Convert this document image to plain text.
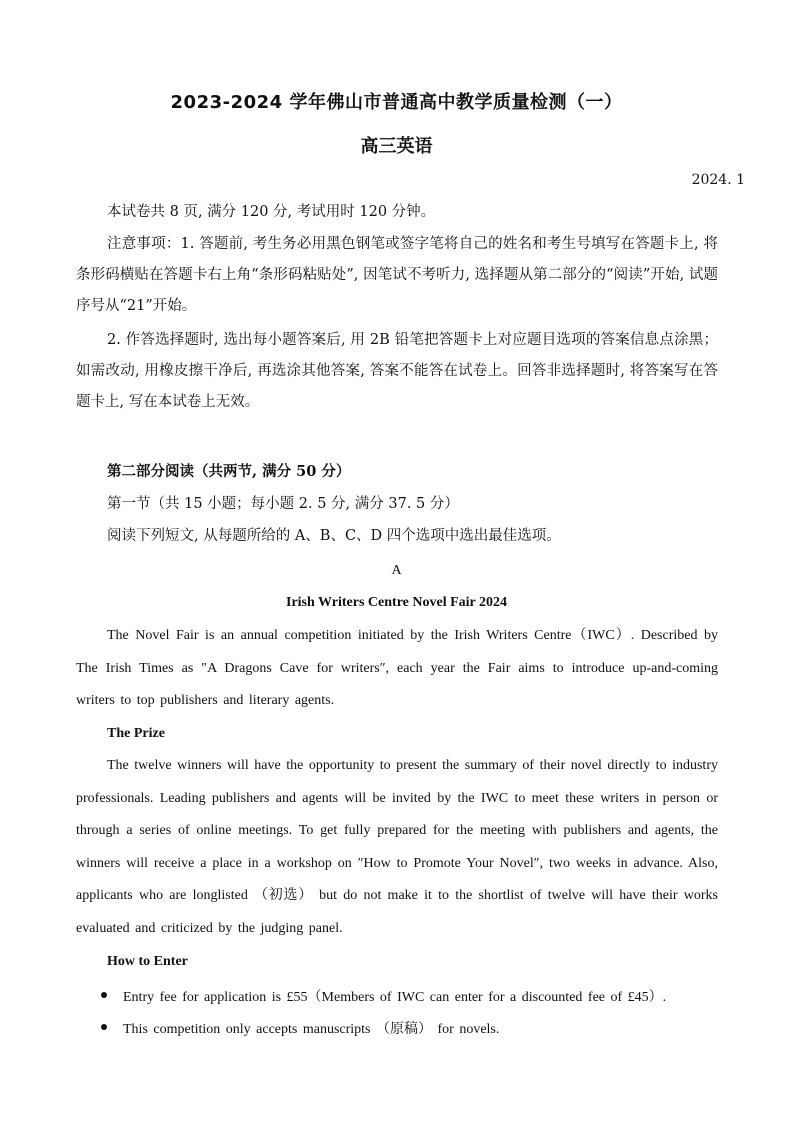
2023-2024 学年佛山市普通高中教学质量检测（一）
高三英语
2024. 1
本试卷共 8 页, 满分 120 分, 考试用时 120 分钟。
注意事项：1. 答题前, 考生务必用黑色钢笔或签字笔将自己的姓名和考生号填写在答题卡上, 将条形码横贴在答题卡右上角“条形码粘贴处”, 因笔试不考听力, 选择题从第二部分的“阅读”开始, 试题序号从“21”开始。
2. 作答选择题时, 选出每小题答案后, 用 2B 铅笔把答题卡上对应题目选项的答案信息点涂黑；如需改动, 用橡皮擦干净后, 再选涂其他答案, 答案不能答在试卷上。回答非选择题时, 将答案写在答题卡上, 写在本试卷上无效。
第二部分阅读（共两节, 满分 50 分）
第一节（共 15 小题；每小题 2. 5 分, 满分 37. 5 分）
阅读下列短文, 从每题所给的 A、B、C、D 四个选项中选出最佳选项。
A
Irish Writers Centre Novel Fair 2024
The Novel Fair is an annual competition initiated by the Irish Writers Centre（IWC）. Described by The Irish Times as ″A Dragons Cave for writers″, each year the Fair aims to introduce up-and-coming writers to top publishers and literary agents.
The Prize
The twelve winners will have the opportunity to present the summary of their novel directly to industry professionals. Leading publishers and agents will be invited by the IWC to meet these writers in person or through a series of online meetings. To get fully prepared for the meeting with publishers and agents, the winners will receive a place in a workshop on ″How to Promote Your Novel″, two weeks in advance. Also, applicants who are longlisted （初选） but do not make it to the shortlist of twelve will have their works evaluated and criticized by the judging panel.
How to Enter
Entry fee for application is £55（Members of IWC can enter for a discounted fee of £45）.
This competition only accepts manuscripts （原稿） for novels.
